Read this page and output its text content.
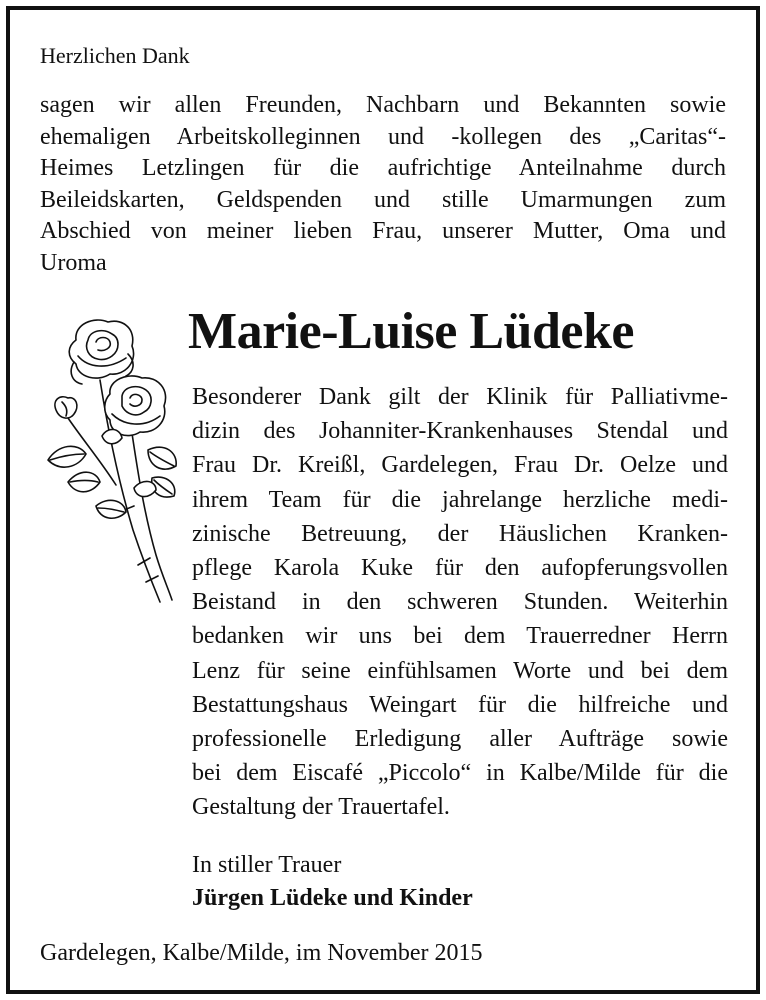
Herzlichen Dank

sagen wir allen Freunden, Nachbarn und Bekannten sowie
ehemaligen Arbeitskolleginnen und -kollegen des „Caritas“-
Heimes Letzlingen für die aufrichtige Anteilnahme durch
Beileidskarten, Geldspenden und stille Umarmungen zum
Abschied von meiner lieben Frau, unserer Mutter, Oma und
Uroma

Marie-Luise Lüdeke

Besonderer Dank gilt der Klinik für Palliativme-
dizin des Johanniter-Krankenhauses Stendal und
Frau Dr. Kreißl, Gardelegen, Frau Dr. Oelze und
ihrem Team für die jahrelange herzliche medi-
zinische Betreuung, der Häuslichen Kranken-
pflege Karola Kuke für den aufopferungsvollen
Beistand in den schweren Stunden. Weiterhin
bedanken wir uns bei dem Trauerredner Herrn
Lenz für seine einfühlsamen Worte und bei dem
Bestattungshaus Weingart für die hilfreiche und
professionelle Erledigung aller Aufträge sowie
bei dem Eiscafé „Piccolo“ in Kalbe/Milde für die
Gestaltung der Trauertafel.

In stiller Trauer

Jürgen Lüdeke und Kinder

Gardelegen, Kalbe/Milde, im November 2015
